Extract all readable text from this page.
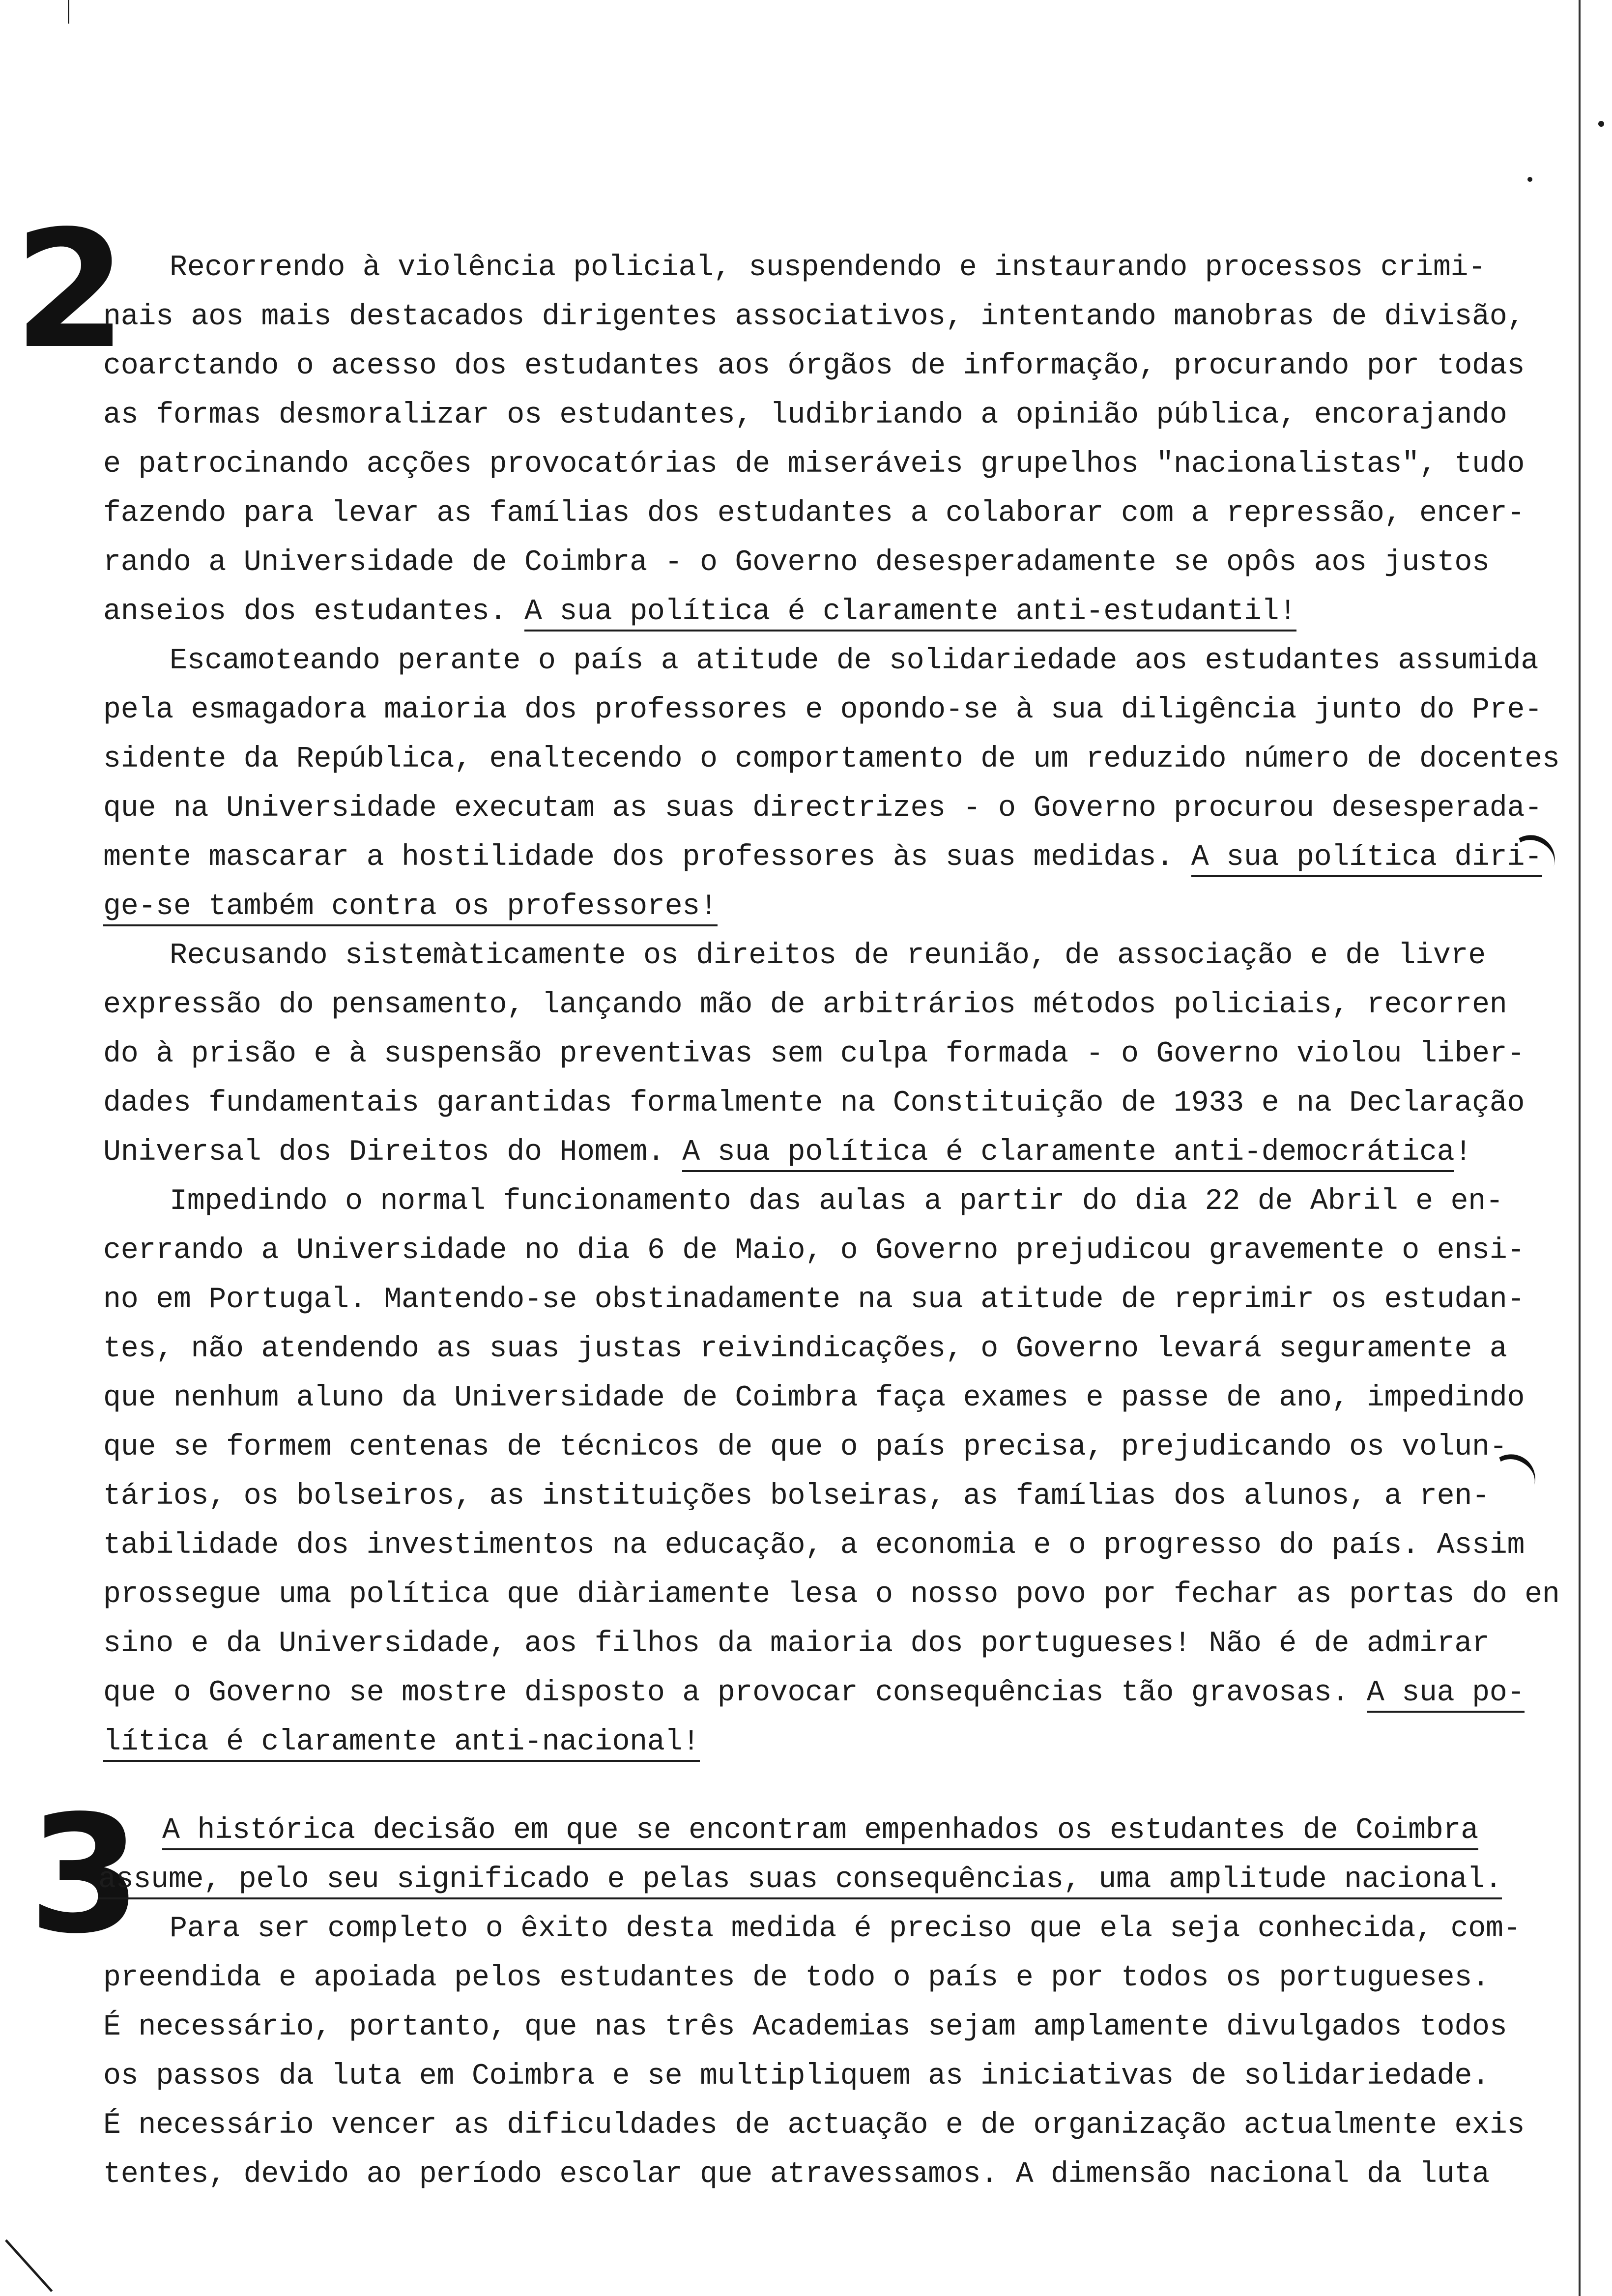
2 Recorrendo à violência policial, suspendendo e instaurando processos crimi-
nais aos mais destacados dirigentes associativos, intentando manobras de divisão,
coarctando o acesso dos estudantes aos órgãos de informação, procurando por todas
as formas desmoralizar os estudantes, ludibriando a opinião pública, encorajando
e patrocinando acções provocatórias de miseráveis grupelhos "nacionalistas", tudo
fazendo para levar as famílias dos estudantes a colaborar com a repressão, encer-
rando a Universidade de Coimbra - o Governo desesperadamente se opôs aos justos
anseios dos estudantes. A sua política é claramente anti-estudantil!
Escamoteando perante o país a atitude de solidariedade aos estudantes assumida
pela esmagadora maioria dos professores e opondo-se à sua diligência junto do Pre-
sidente da República, enaltecendo o comportamento de um reduzido número de docentes
que na Universidade executam as suas directrizes - o Governo procurou desesperada-
mente mascarar a hostilidade dos professores às suas medidas. A sua política diri-
ge-se também contra os professores!
Recusando sistemàticamente os direitos de reunião, de associação e de livre
expressão do pensamento, lançando mão de arbitrários métodos policiais, recorren
do à prisão e à suspensão preventivas sem culpa formada - o Governo violou liber-
dades fundamentais garantidas formalmente na Constituição de 1933 e na Declaração
Universal dos Direitos do Homem. A sua política é claramente anti-democrática!
Impedindo o normal funcionamento das aulas a partir do dia 22 de Abril e en-
cerrando a Universidade no dia 6 de Maio, o Governo prejudicou gravemente o ensi-
no em Portugal. Mantendo-se obstinadamente na sua atitude de reprimir os estudan-
tes, não atendendo as suas justas reivindicações, o Governo levará seguramente a
que nenhum aluno da Universidade de Coimbra faça exames e passe de ano, impedindo
que se formem centenas de técnicos de que o país precisa, prejudicando os volun-
tários, os bolseiros, as instituições bolseiras, as famílias dos alunos, a ren-
tabilidade dos investimentos na educação, a economia e o progresso do país. Assim
prossegue uma política que diàriamente lesa o nosso povo por fechar as portas do en
sino e da Universidade, aos filhos da maioria dos portugueses! Não é de admirar
que o Governo se mostre disposto a provocar consequências tão gravosas. A sua po-
lítica é claramente anti-nacional!
3 A histórica decisão em que se encontram empenhados os estudantes de Coimbra
assume, pelo seu significado e pelas suas consequências, uma amplitude nacional.
Para ser completo o êxito desta medida é preciso que ela seja conhecida, com-
preendida e apoiada pelos estudantes de todo o país e por todos os portugueses.
É necessário, portanto, que nas três Academias sejam amplamente divulgados todos
os passos da luta em Coimbra e se multipliquem as iniciativas de solidariedade.
É necessário vencer as dificuldades de actuação e de organização actualmente exis
tentes, devido ao período escolar que atravessamos. A dimensão nacional da luta
